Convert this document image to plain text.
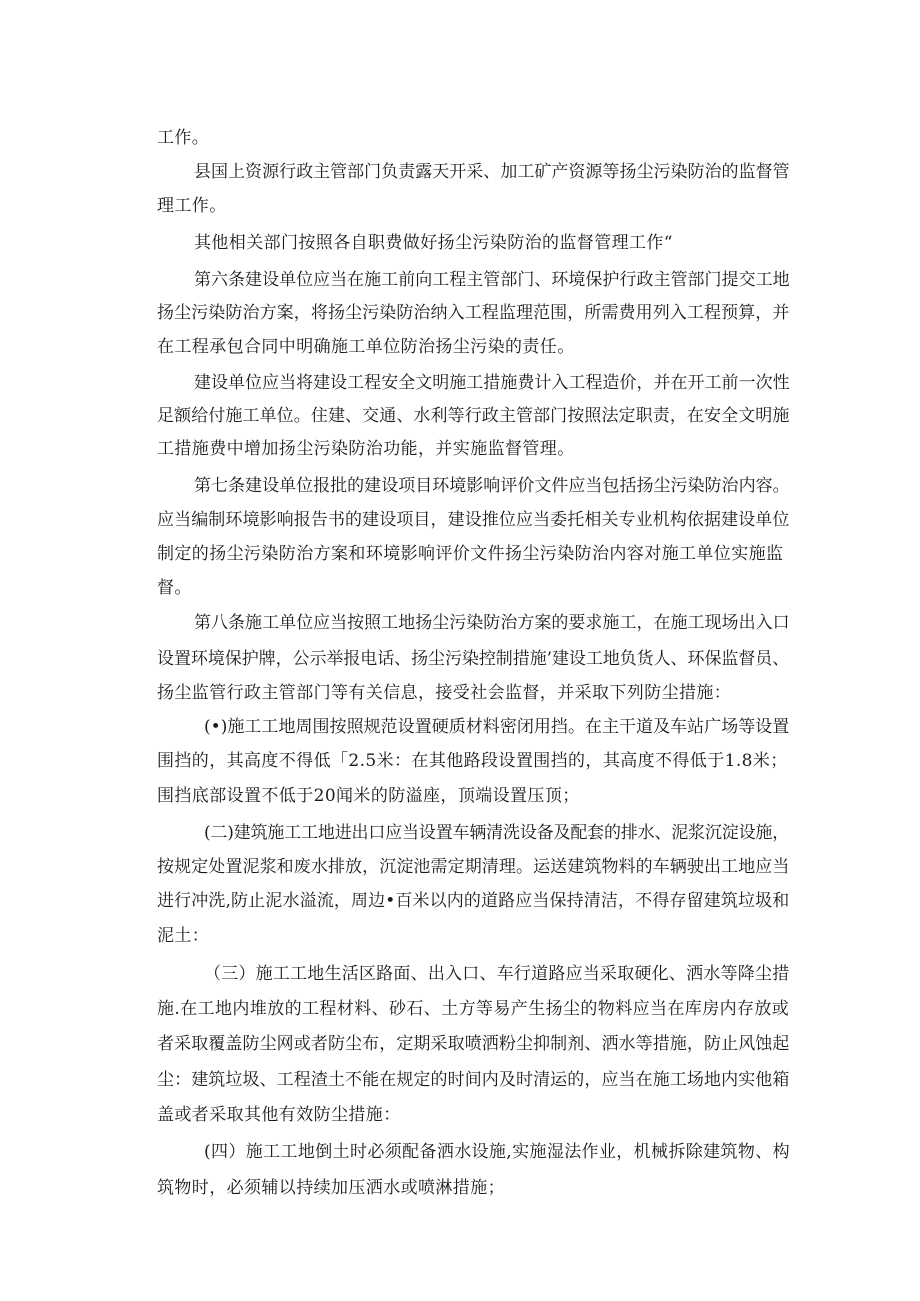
工作。
县国上资源行政主管部门负责露天开采、加工矿产资源等扬尘污染防治的监督管
理工作。
其他相关部门按照各自职费做好扬尘污染防治的监督管理工作“
第六条建设单位应当在施工前向工程主管部门、环境保护行政主管部门提交工地
扬尘污染防治方案，将扬尘污染防治纳入工程监理范围，所需费用列入工程预算，并
在工程承包合同中明确施工单位防治扬尘污染的责任。
建设单位应当将建设工程安全文明施工措施费计入工程造价，并在开工前一次性
足额给付施工单位。住建、交通、水利等行政主管部门按照法定职责，在安全文明施
工措施费中增加扬尘污染防治功能，并实施监督管理。
第七条建设单位报批的建设项目环境影响评价文件应当包括扬尘污染防治内容。
应当编制环境影响报告书的建设项目，建设推位应当委托相关专业机构依据建设单位
制定的扬尘污染防治方案和环境影响评价文件扬尘污染防治内容对施工单位实施监
督。
第八条施工单位应当按照工地扬尘污染防治方案的要求施工，在施工现场出入口
设置环境保护牌，公示举报电话、扬尘污染控制措施’建设工地负货人、环保监督员、
扬尘监管行政主管部门等有关信息，接受社会监督，并采取下列防尘措施：
(•)施工工地周围按照规范设置硬质材料密闭用挡。在主干道及车站广场等设置
围挡的，其高度不得低「2.5米：在其他路段设置围挡的，其高度不得低于1.8米；
围挡底部设置不低于20闻米的防溢座，顶端设置压顶；
(二)建筑施工工地进出口应当设置车辆清洗设备及配套的排水、泥浆沉淀设施，
按规定处置泥浆和废水排放，沉淀池需定期清理。运送建筑物料的车辆驶出工地应当
进行冲洗,防止泥水溢流，周边•百米以内的道路应当保持清洁，不得存留建筑垃圾和
泥土：
（三）施工工地生活区路面、出入口、车行道路应当采取硬化、洒水等降尘措
施.在工地内堆放的工程材料、砂石、土方等易产生扬尘的物料应当在库房内存放或
者采取覆盖防尘网或者防尘布，定期采取喷洒粉尘抑制剂、洒水等措施，防止风蚀起
尘：建筑垃圾、工程渣土不能在规定的时间内及时清运的，应当在施工场地内实他箱
盖或者采取其他有效防尘措施：
(四）施工工地倒土时必须配备洒水设施,实施湿法作业，机械拆除建筑物、构
筑物时，必须辅以持续加压洒水或喷淋措施；
